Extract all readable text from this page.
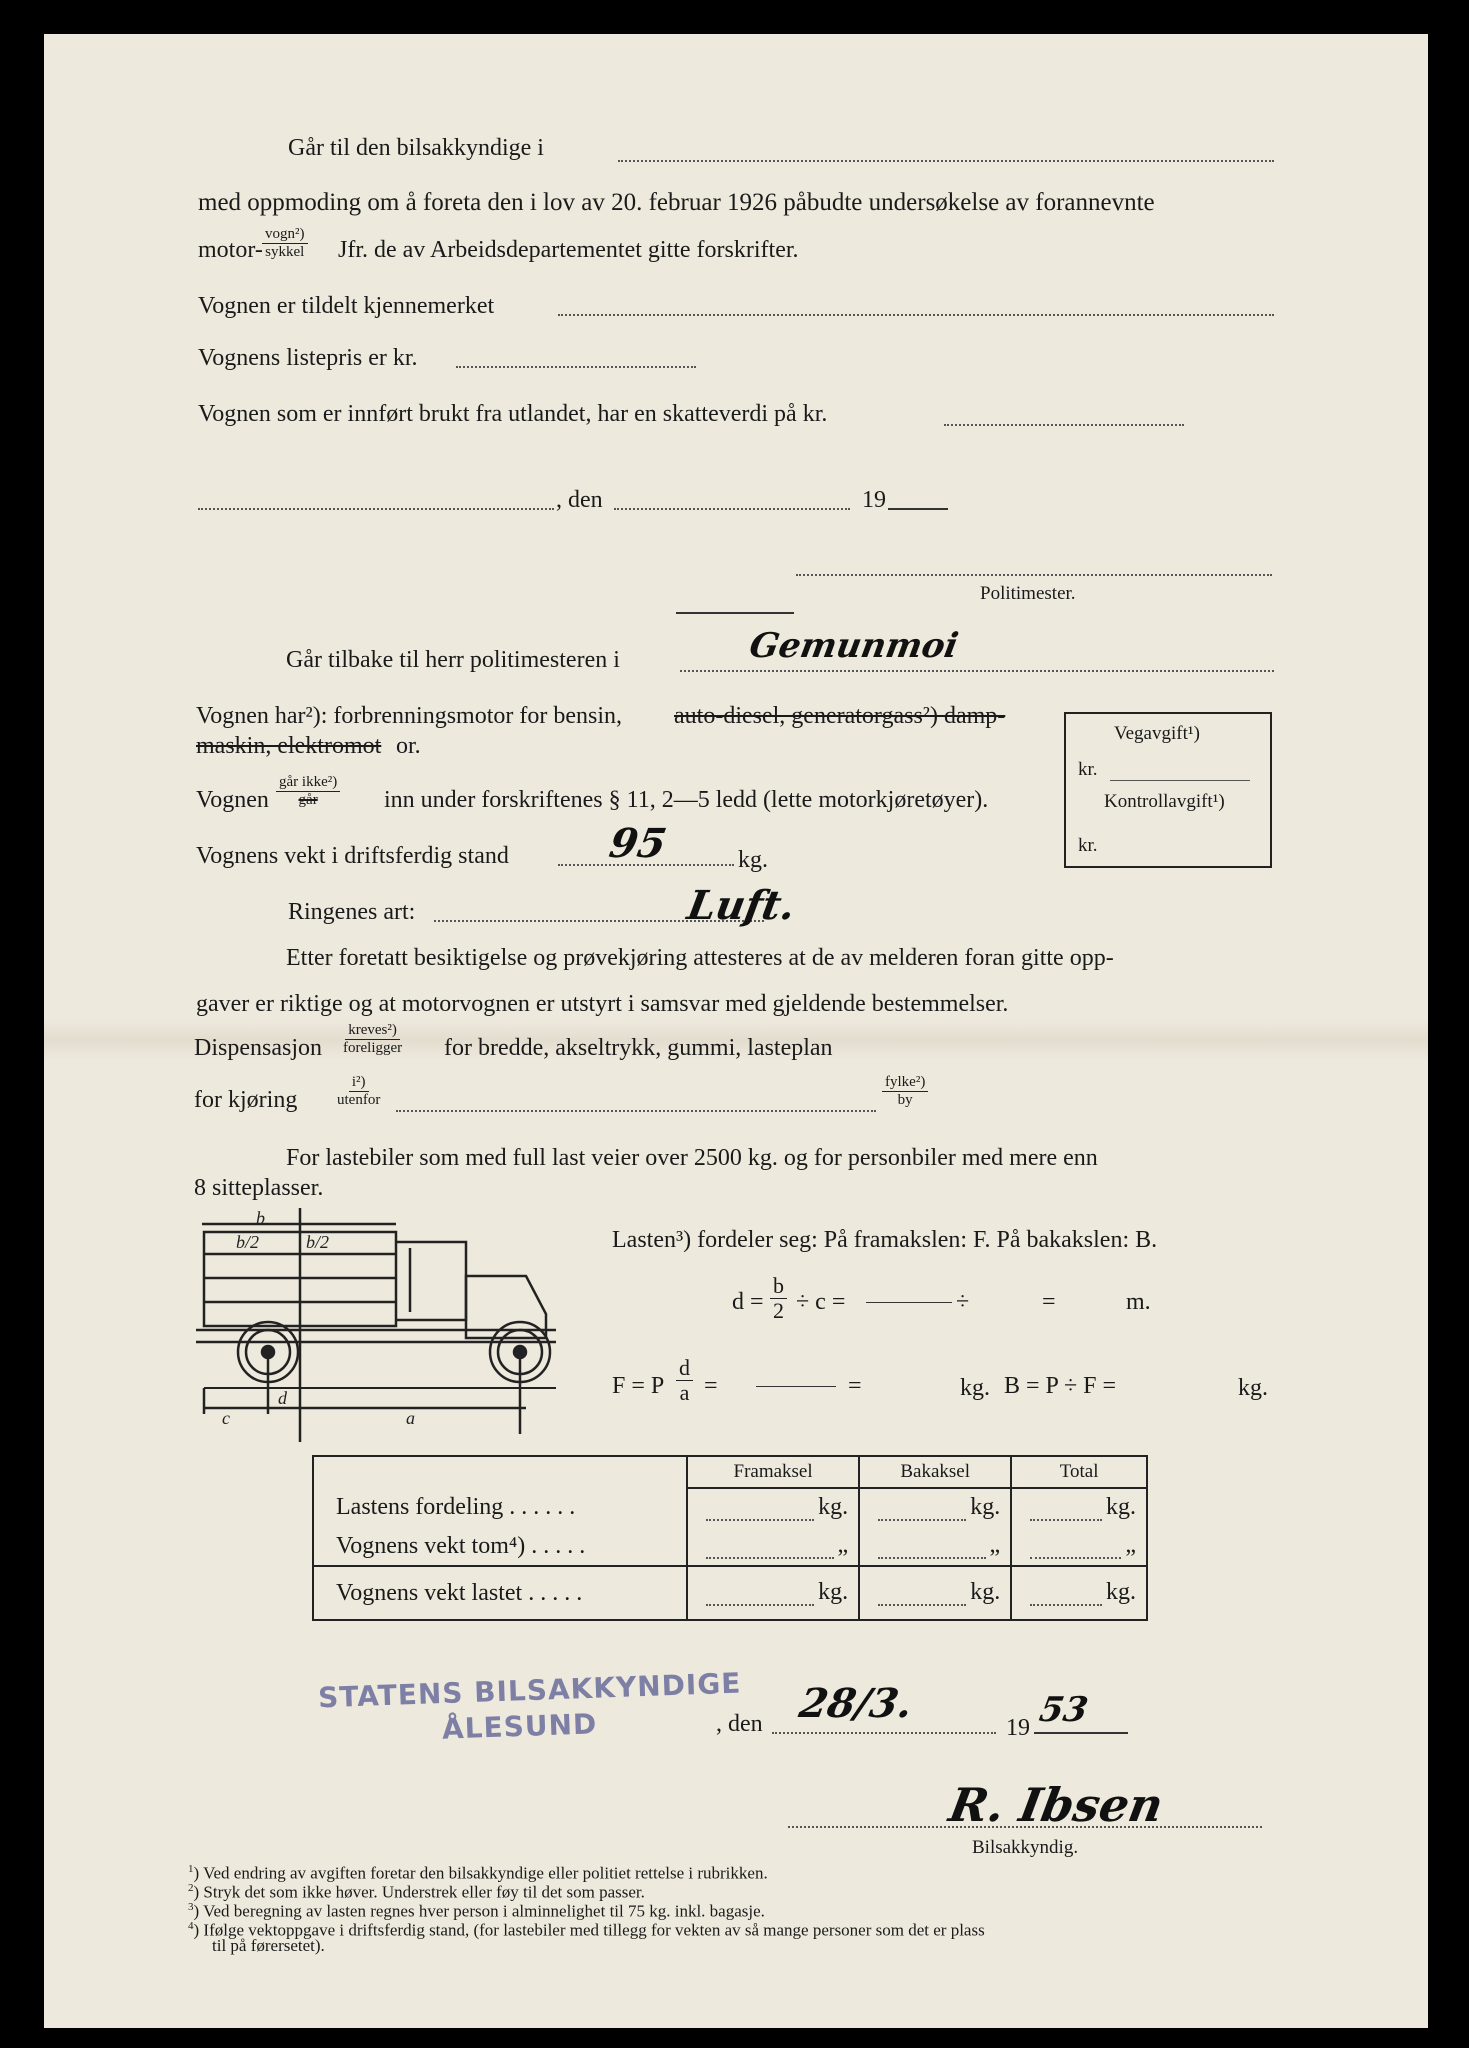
Går til den bilsakkyndige i
med oppmoding om å foreta den i lov av 20. februar 1926 påbudte undersøkelse av forannevnte
motor-
vogn²)
sykkel Jfr. de av Arbeidsdepartementet gitte forskrifter.
Vognen er tildelt kjennemerket
Vognens listepris er kr.
Vognen som er innført brukt fra utlandet, har en skatteverdi på kr.
, den	19
Politimester.
Går tilbake til herr politimesteren i	Gemunmoi
Vognen har²): forbrenningsmotor for bensin, auto-diesel, generatorgass²) damp-
maskin, elektromot or.
Vognen
går ikke²)
går	inn under forskriftenes § 11, 2—5 ledd (lette motorkjøretøyer).
Vognens vekt i driftsferdig stand 95	kg.
Ringenes art:	Luft.
Vegavgift¹)
kr.
Kontrollavgift¹)
kr.
Etter foretatt besiktigelse og prøvekjøring attesteres at de av melderen foran gitte opp-
gaver er riktige og at motorvognen er utstyrt i samsvar med gjeldende bestemmelser.
Dispensasjon
kreves²)
foreligger for bredde, akseltrykk, gummi, lasteplan
for kjøring
i²)
utenfor
fylke²)
by
For lastebiler som med full last veier over 2500 kg. og for personbiler med mere enn
8 sitteplasser.
b
b/2	b/2
d
c	a
Lasten³) fordeler seg: På framakslen: F. På bakakslen: B.
$d = \frac{b}{2} \div c$ =	÷	=	m.
F = P $\frac{d}{a}$ =	=	kg. B = P ÷ F =	kg.
	Framaksel	Bakaksel	Total
Lastens fordeling . . . . . .	kg.	kg.	kg.

Vognens vekt tom⁴) . . . . .	„	„	„

Vognens vekt lastet . . . . .	kg.	kg.	kg.
STATENS BILSAKKYNDIGE
ÅLESUND	, den 28/3.
19 53
R. Ibsen
Bilsakkyndig.
$^1$) Ved endring av avgiften foretar den bilsakkyndige eller politiet rettelse i rubrikken.
$^2$) Stryk det som ikke høver. Understrek eller føy til det som passer.
$^3$) Ved beregning av lasten regnes hver person i alminnelighet til 75 kg. inkl. bagasje.
$^4$) Ifølge vektoppgave i driftsferdig stand, (for lastebiler med tillegg for vekten av så mange personer som det er plass
til på førersetet).
